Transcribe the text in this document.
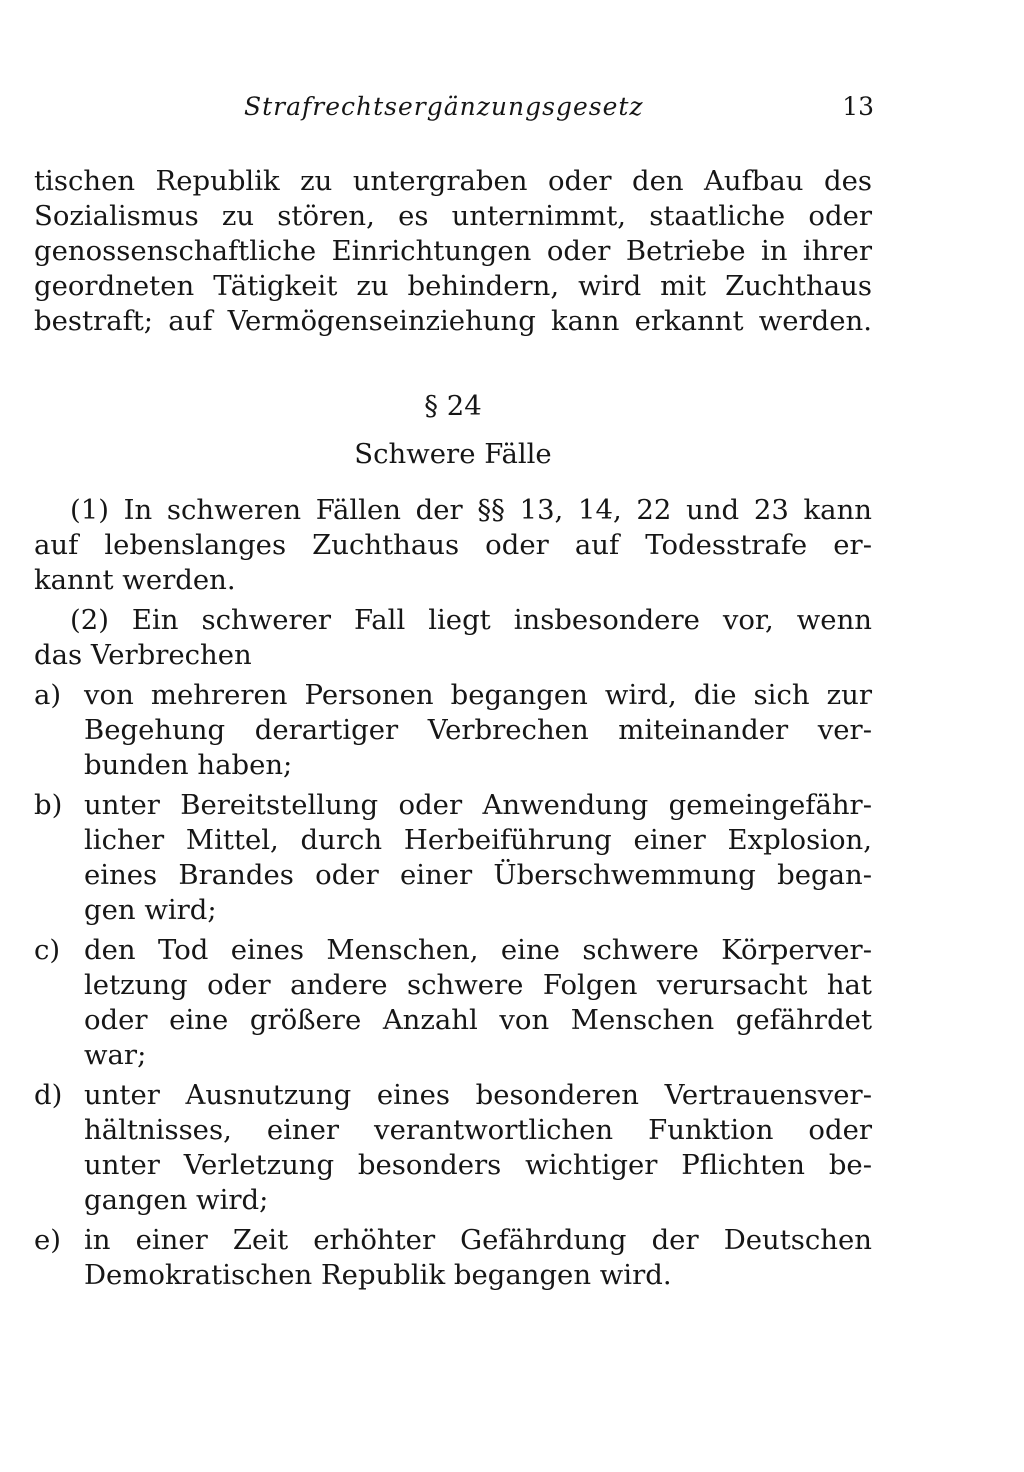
Strafrechtsergänzungsgesetz	13
tischen Republik zu untergraben oder den Aufbau des
Sozialismus zu stören, es unternimmt, staatliche oder
genossenschaftliche Einrichtungen oder Betriebe in ihrer
geordneten Tätigkeit zu behindern, wird mit Zuchthaus
bestraft; auf Vermögenseinziehung kann erkannt werden.
§ 24
Schwere Fälle
(1) In schweren Fällen der §§ 13, 14, 22 und 23 kann
auf lebenslanges Zuchthaus oder auf Todesstrafe er-
kannt werden.
(2) Ein schwerer Fall liegt insbesondere vor, wenn
das Verbrechen
a) von mehreren Personen begangen wird, die sich zur
Begehung derartiger Verbrechen miteinander ver-
bunden haben;
b) unter Bereitstellung oder Anwendung gemeingefähr-
licher Mittel, durch Herbeiführung einer Explosion,
eines Brandes oder einer Überschwemmung began-
gen wird;
c) den Tod eines Menschen, eine schwere Körperver-
letzung oder andere schwere Folgen verursacht hat
oder eine größere Anzahl von Menschen gefährdet
war;
d) unter Ausnutzung eines besonderen Vertrauensver-
hältnisses, einer verantwortlichen Funktion oder
unter Verletzung besonders wichtiger Pflichten be-
gangen wird;
e) in einer Zeit erhöhter Gefährdung der Deutschen
Demokratischen Republik begangen wird.
